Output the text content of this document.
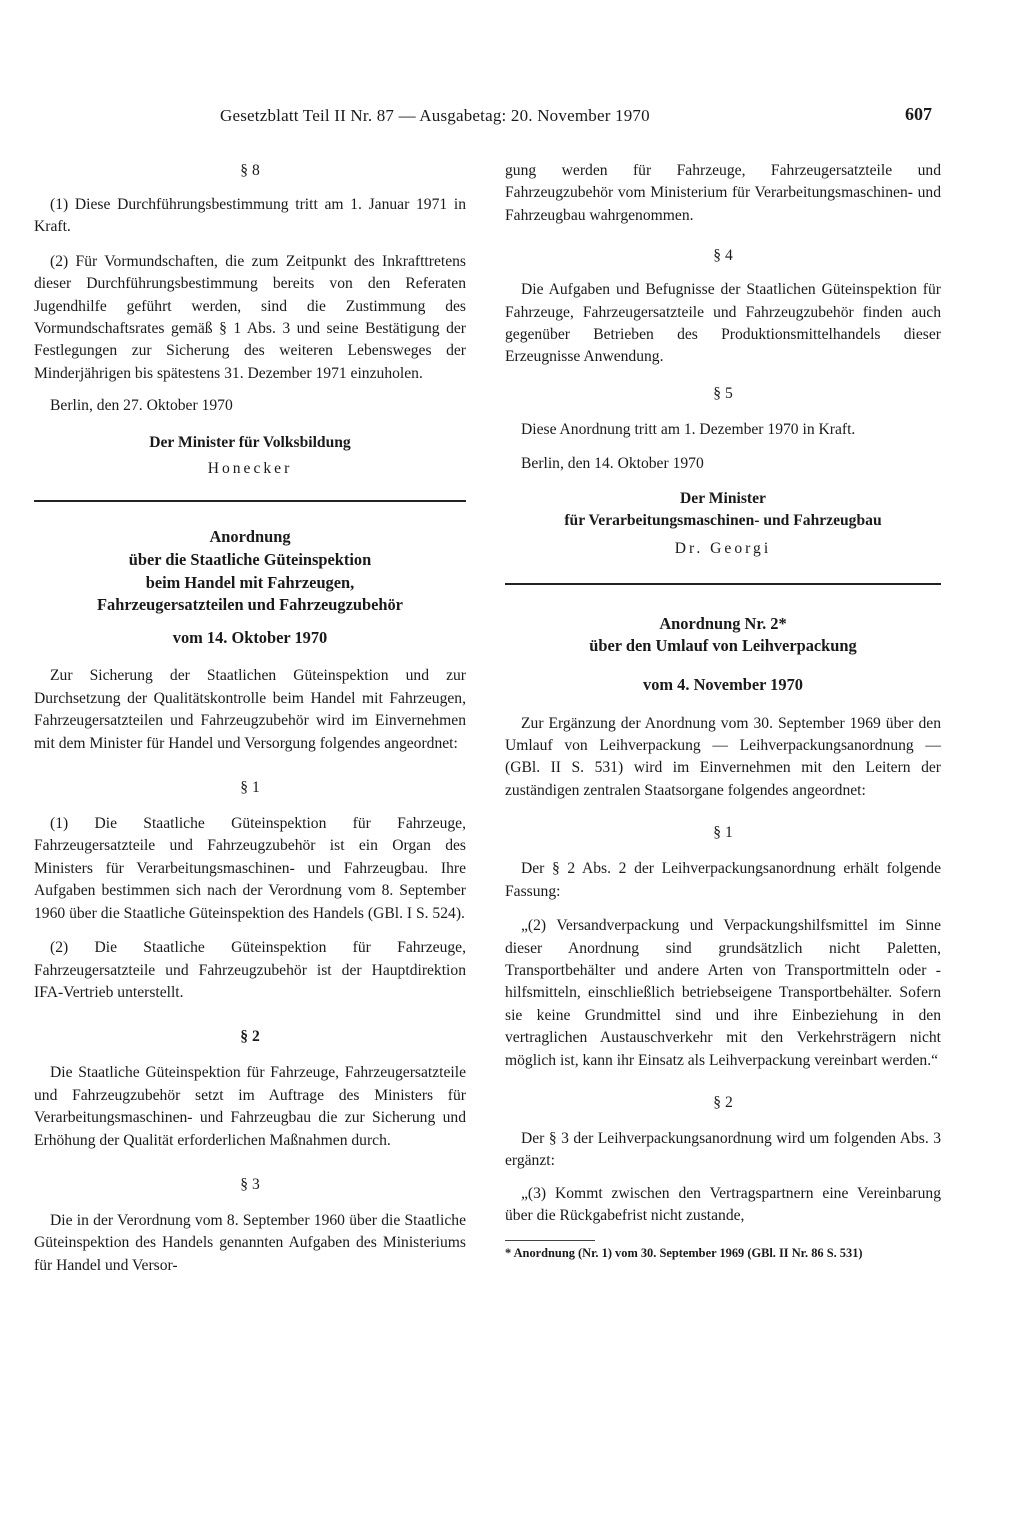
Gesetzblatt Teil II Nr. 87 — Ausgabetag: 20. November 1970	607

§ 8

(1) Diese Durchführungsbestimmung tritt am 1. Januar 1971 in Kraft.

(2) Für Vormundschaften, die zum Zeitpunkt des Inkrafttretens dieser Durchführungsbestimmung bereits von den Referaten Jugendhilfe geführt werden, sind die Zustimmung des Vormundschaftsrates gemäß § 1 Abs. 3 und seine Bestätigung der Festlegungen zur Sicherung des weiteren Lebensweges der Minderjährigen bis spätestens 31. Dezember 1971 einzuholen.

Berlin, den 27. Oktober 1970

Der Minister für Volksbildung

Honecker

Anordnung

über die Staatliche Güteinspektion

beim Handel mit Fahrzeugen,

Fahrzeugersatzteilen und Fahrzeugzubehör

vom 14. Oktober 1970

Zur Sicherung der Staatlichen Güteinspektion und zur Durchsetzung der Qualitätskontrolle beim Handel mit Fahrzeugen, Fahrzeugersatzteilen und Fahrzeugzubehör wird im Einvernehmen mit dem Minister für Handel und Versorgung folgendes angeordnet:

§ 1

(1) Die Staatliche Güteinspektion für Fahrzeuge, Fahrzeugersatzteile und Fahrzeugzubehör ist ein Organ des Ministers für Verarbeitungsmaschinen- und Fahrzeugbau. Ihre Aufgaben bestimmen sich nach der Verordnung vom 8. September 1960 über die Staatliche Güteinspektion des Handels (GBl. I S. 524).

(2) Die Staatliche Güteinspektion für Fahrzeuge, Fahrzeugersatzteile und Fahrzeugzubehör ist der Hauptdirektion IFA-Vertrieb unterstellt.

§ 2

Die Staatliche Güteinspektion für Fahrzeuge, Fahrzeugersatzteile und Fahrzeugzubehör setzt im Auftrage des Ministers für Verarbeitungsmaschinen- und Fahrzeugbau die zur Sicherung und Erhöhung der Qualität erforderlichen Maßnahmen durch.

§ 3

Die in der Verordnung vom 8. September 1960 über die Staatliche Güteinspektion des Handels genannten Aufgaben des Ministeriums für Handel und Versor-

gung werden für Fahrzeuge, Fahrzeugersatzteile und Fahrzeugzubehör vom Ministerium für Verarbeitungsmaschinen- und Fahrzeugbau wahrgenommen.

§ 4

Die Aufgaben und Befugnisse der Staatlichen Güteinspektion für Fahrzeuge, Fahrzeugersatzteile und Fahrzeugzubehör finden auch gegenüber Betrieben des Produktionsmittelhandels dieser Erzeugnisse Anwendung.

§ 5

Diese Anordnung tritt am 1. Dezember 1970 in Kraft.

Berlin, den 14. Oktober 1970

Der Minister

für Verarbeitungsmaschinen- und Fahrzeugbau

Dr. Georgi

Anordnung Nr. 2*

über den Umlauf von Leihverpackung

vom 4. November 1970

Zur Ergänzung der Anordnung vom 30. September 1969 über den Umlauf von Leihverpackung — Leihverpackungsanordnung — (GBl. II S. 531) wird im Einvernehmen mit den Leitern der zuständigen zentralen Staatsorgane folgendes angeordnet:

§ 1

Der § 2 Abs. 2 der Leihverpackungsanordnung erhält folgende Fassung:

„(2) Versandverpackung und Verpackungshilfsmittel im Sinne dieser Anordnung sind grundsätzlich nicht Paletten, Transportbehälter und andere Arten von Transportmitteln oder -hilfsmitteln, einschließlich betriebseigene Transportbehälter. Sofern sie keine Grundmittel sind und ihre Einbeziehung in den vertraglichen Austauschverkehr mit den Verkehrsträgern nicht möglich ist, kann ihr Einsatz als Leihverpackung vereinbart werden.“

§ 2

Der § 3 der Leihverpackungsanordnung wird um folgenden Abs. 3 ergänzt:

„(3) Kommt zwischen den Vertragspartnern eine Vereinbarung über die Rückgabefrist nicht zustande,

* Anordnung (Nr. 1) vom 30. September 1969 (GBl. II Nr. 86 S. 531)
